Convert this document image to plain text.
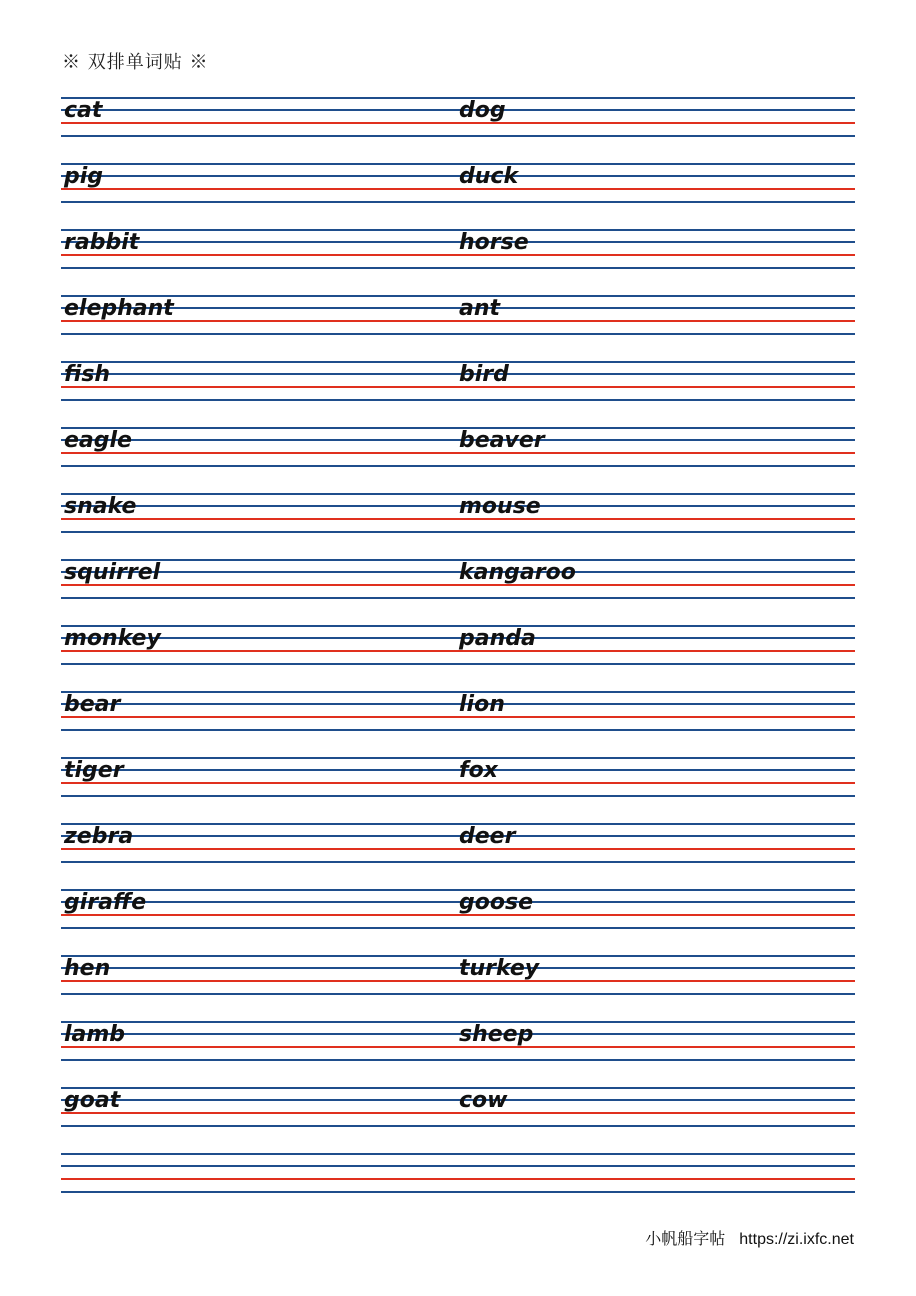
※ 双排单词贴 ※
cat	dog
pig	duck
rabbit	horse
elephant	ant
fish	bird
eagle	beaver
snake	mouse
squirrel	kangaroo
monkey	panda
bear	lion
tiger	fox
zebra	deer
giraffe	goose
hen	turkey
lamb	sheep
goat	cow
小帆船字帖 https://zi.ixfc.net
